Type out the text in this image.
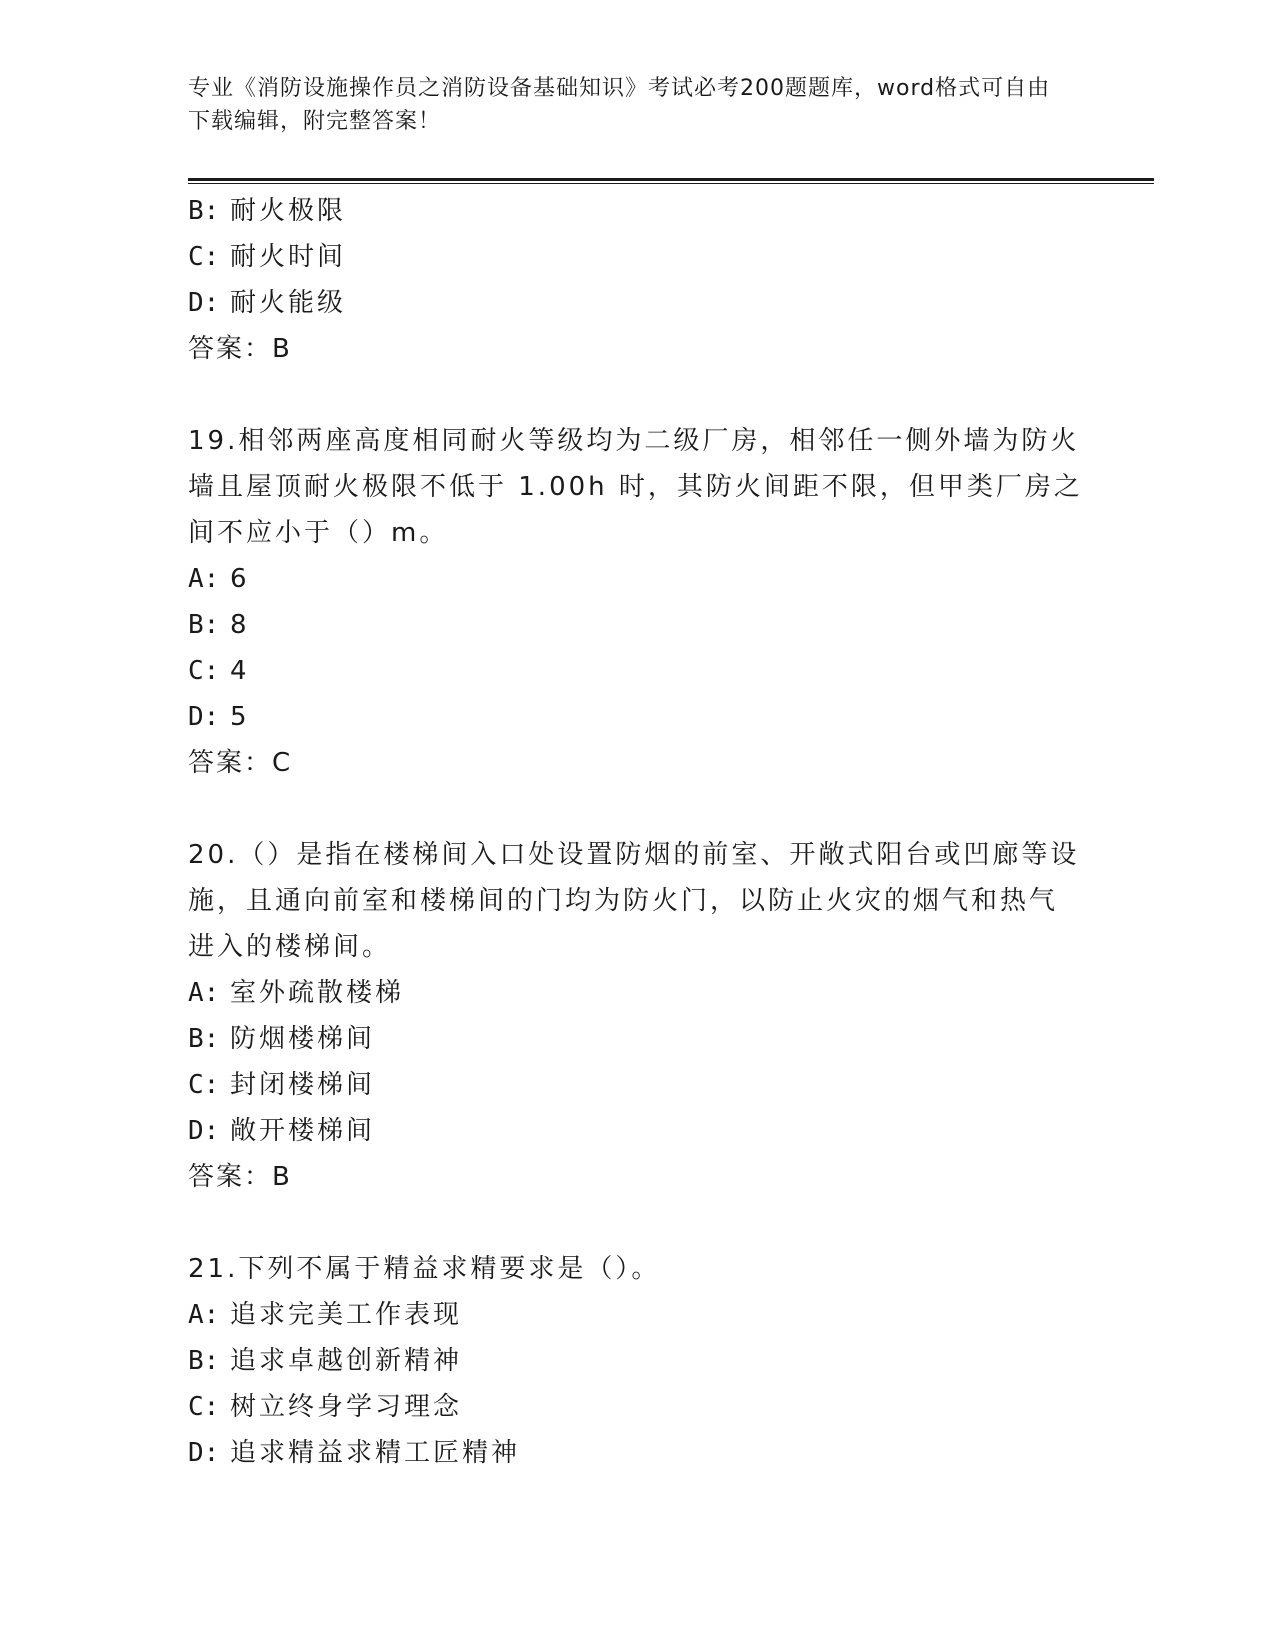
专业《消防设施操作员之消防设备基础知识》考试必考200题题库，word格式可自由下载编辑，附完整答案！
B: 耐火极限
C: 耐火时间
D: 耐火能级
答案：B
19.相邻两座高度相同耐火等级均为二级厂房，相邻任一侧外墙为防火
墙且屋顶耐火极限不低于 1.00h 时，其防火间距不限，但甲类厂房之
间不应小于（）m。
A: 6
B: 8
C: 4
D: 5
答案：C
20.（）是指在楼梯间入口处设置防烟的前室、开敞式阳台或凹廊等设
施，且通向前室和楼梯间的门均为防火门，以防止火灾的烟气和热气
进入的楼梯间。
A: 室外疏散楼梯
B: 防烟楼梯间
C: 封闭楼梯间
D: 敞开楼梯间
答案：B
21.下列不属于精益求精要求是（）。
A: 追求完美工作表现
B: 追求卓越创新精神
C: 树立终身学习理念
D: 追求精益求精工匠精神
